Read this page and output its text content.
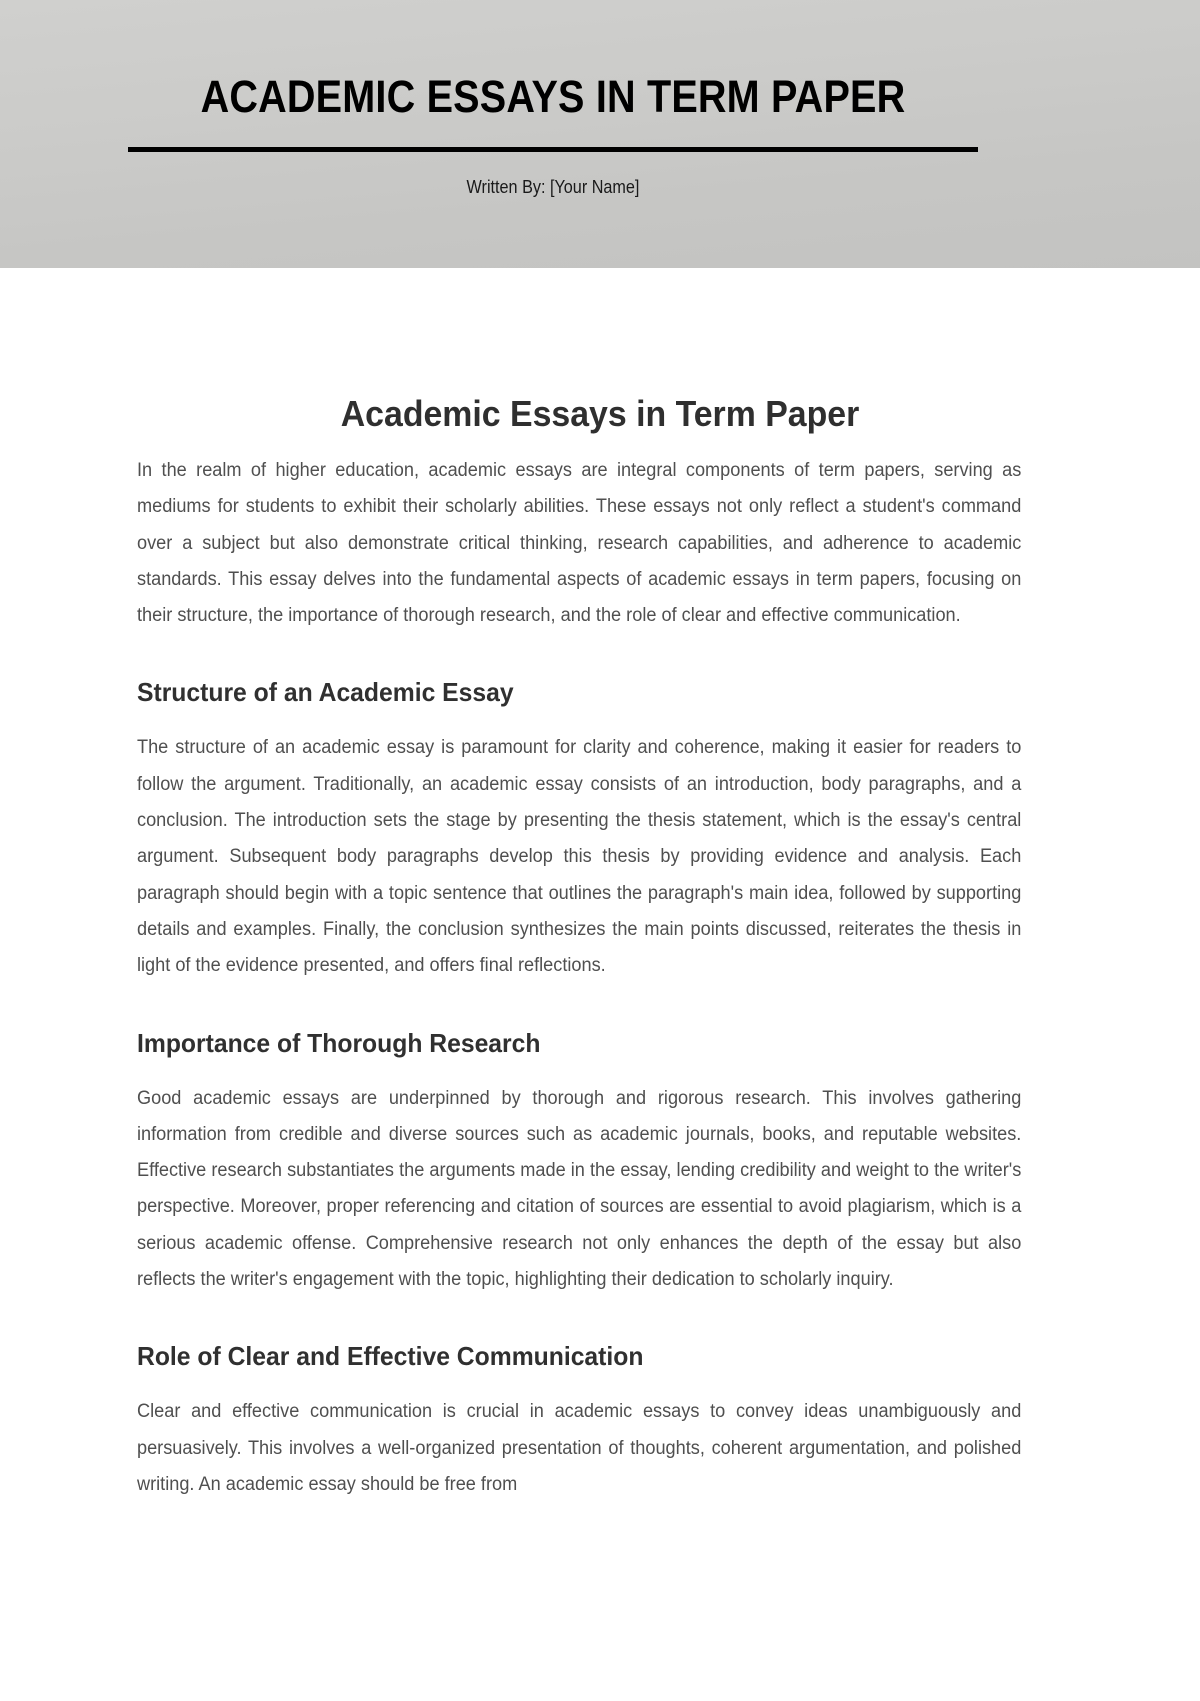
ACADEMIC ESSAYS IN TERM PAPER
Written By: [Your Name]
Academic Essays in Term Paper

In the realm of higher education, academic essays are integral components of term papers, serving as mediums for students to exhibit their scholarly abilities. These essays not only reflect a student's command over a subject but also demonstrate critical thinking, research capabilities, and adherence to academic standards. This essay delves into the fundamental aspects of academic essays in term papers, focusing on their structure, the importance of thorough research, and the role of clear and effective communication.

Structure of an Academic Essay

The structure of an academic essay is paramount for clarity and coherence, making it easier for readers to follow the argument. Traditionally, an academic essay consists of an introduction, body paragraphs, and a conclusion. The introduction sets the stage by presenting the thesis statement, which is the essay's central argument. Subsequent body paragraphs develop this thesis by providing evidence and analysis. Each paragraph should begin with a topic sentence that outlines the paragraph's main idea, followed by supporting details and examples. Finally, the conclusion synthesizes the main points discussed, reiterates the thesis in light of the evidence presented, and offers final reflections.

Importance of Thorough Research

Good academic essays are underpinned by thorough and rigorous research. This involves gathering information from credible and diverse sources such as academic journals, books, and reputable websites. Effective research substantiates the arguments made in the essay, lending credibility and weight to the writer's perspective. Moreover, proper referencing and citation of sources are essential to avoid plagiarism, which is a serious academic offense. Comprehensive research not only enhances the depth of the essay but also reflects the writer's engagement with the topic, highlighting their dedication to scholarly inquiry.

Role of Clear and Effective Communication

Clear and effective communication is crucial in academic essays to convey ideas unambiguously and persuasively. This involves a well-organized presentation of thoughts, coherent argumentation, and polished writing. An academic essay should be free from
